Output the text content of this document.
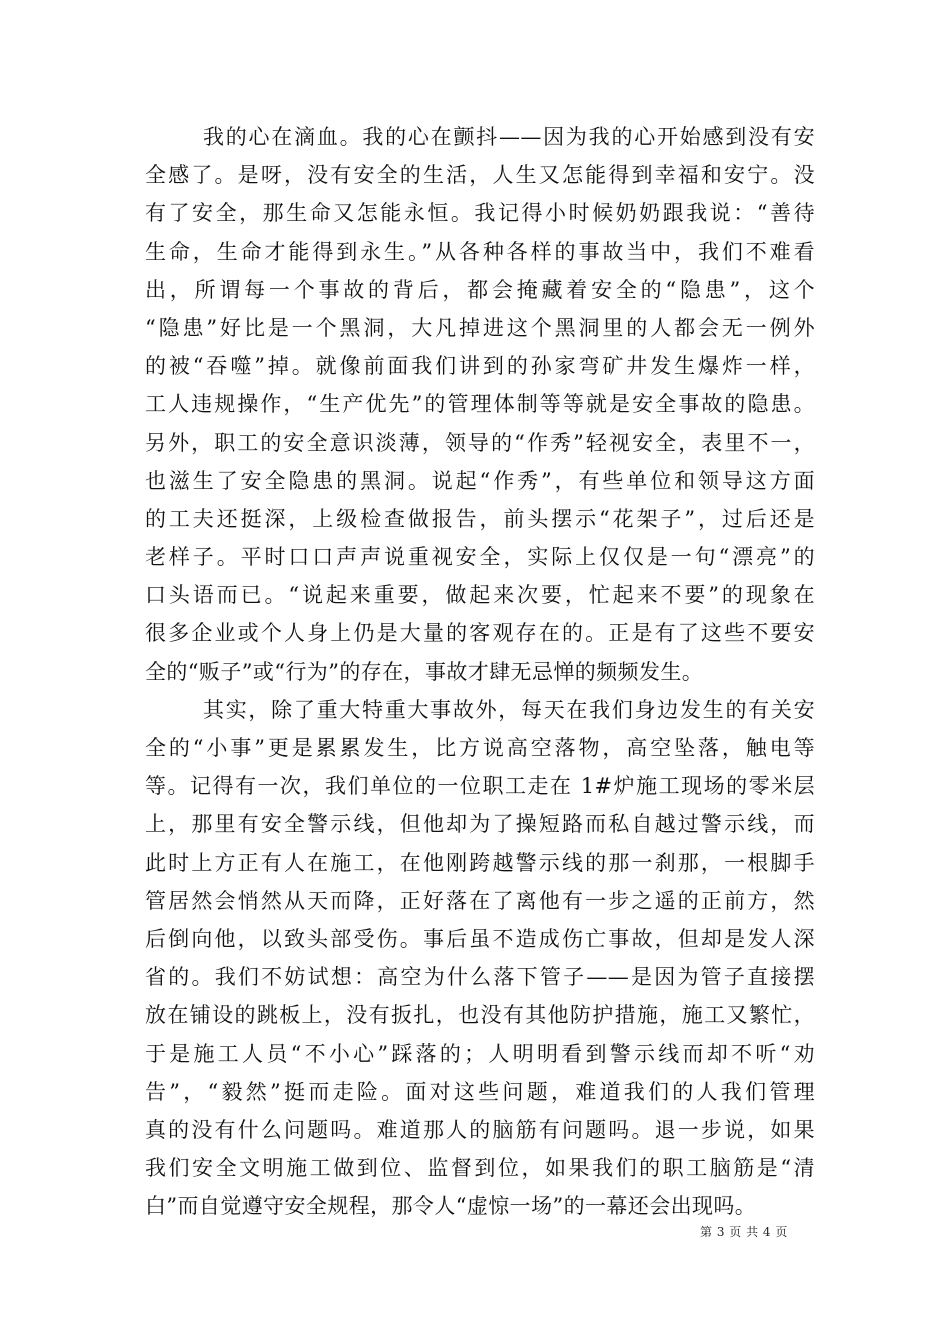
我的心在滴血。我的心在颤抖——因为我的心开始感到没有安
全感了。是呀，没有安全的生活，人生又怎能得到幸福和安宁。没
有了安全，那生命又怎能永恒。我记得小时候奶奶跟我说：“善待
生命，生命才能得到永生。”从各种各样的事故当中，我们不难看
出，所谓每一个事故的背后，都会掩藏着安全的“隐患”，这个
“隐患”好比是一个黑洞，大凡掉进这个黑洞里的人都会无一例外
的被“吞噬”掉。就像前面我们讲到的孙家弯矿井发生爆炸一样，
工人违规操作，“生产优先”的管理体制等等就是安全事故的隐患。
另外，职工的安全意识淡薄，领导的“作秀”轻视安全，表里不一，
也滋生了安全隐患的黑洞。说起“作秀”，有些单位和领导这方面
的工夫还挺深，上级检查做报告，前头摆示“花架子”，过后还是
老样子。平时口口声声说重视安全，实际上仅仅是一句“漂亮”的
口头语而已。“说起来重要，做起来次要，忙起来不要”的现象在
很多企业或个人身上仍是大量的客观存在的。正是有了这些不要安
全的“贩子”或“行为”的存在，事故才肆无忌惮的频频发生。
其实，除了重大特重大事故外，每天在我们身边发生的有关安
全的“小事”更是累累发生，比方说高空落物，高空坠落，触电等
等。记得有一次，我们单位的一位职工走在 1#炉施工现场的零米层
上，那里有安全警示线，但他却为了操短路而私自越过警示线，而
此时上方正有人在施工，在他刚跨越警示线的那一刹那，一根脚手
管居然会悄然从天而降，正好落在了离他有一步之遥的正前方，然
后倒向他，以致头部受伤。事后虽不造成伤亡事故，但却是发人深
省的。我们不妨试想：高空为什么落下管子——是因为管子直接摆
放在铺设的跳板上，没有扳扎，也没有其他防护措施，施工又繁忙，
于是施工人员“不小心”踩落的；人明明看到警示线而却不听“劝
告”，“毅然”挺而走险。面对这些问题，难道我们的人我们管理
真的没有什么问题吗。难道那人的脑筋有问题吗。退一步说，如果
我们安全文明施工做到位、监督到位，如果我们的职工脑筋是“清
白”而自觉遵守安全规程，那令人“虚惊一场”的一幕还会出现吗。
第 3 页 共 4 页
